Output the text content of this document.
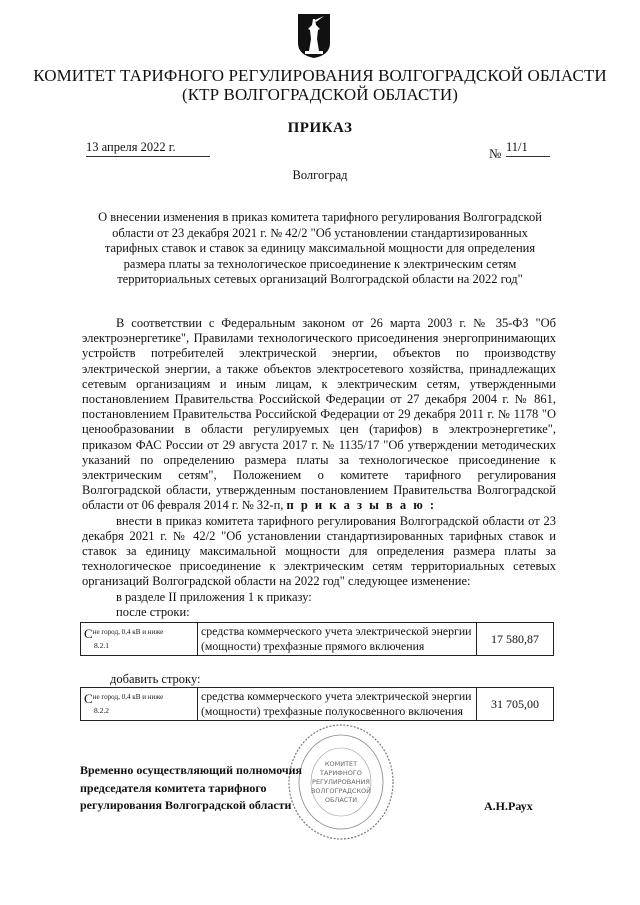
КОМИТЕТ ТАРИФНОГО РЕГУЛИРОВАНИЯ ВОЛГОГРАДСКОЙ ОБЛАСТИ
(КТР ВОЛГОГРАДСКОЙ ОБЛАСТИ)
ПРИКАЗ
13 апреля 2022 г.	№ 11/1
Волгоград
О внесении изменения в приказ комитета тарифного регулирования Волгоградской области от 23 декабря 2021 г. № 42/2 "Об установлении стандартизированных тарифных ставок и ставок за единицу максимальной мощности для определения размера платы за технологическое присоединение к электрическим сетям территориальных сетевых организаций Волгоградской области на 2022 год"

В соответствии с Федеральным законом от 26 марта 2003 г. № 35-ФЗ "Об электроэнергетике", Правилами технологического присоединения энергопринимающих устройств потребителей электрической энергии, объектов по производству электрической энергии, а также объектов электросетевого хозяйства, принадлежащих сетевым организациям и иным лицам, к электрическим сетям, утвержденными постановлением Правительства Российской Федерации от 27 декабря 2004 г. № 861, постановлением Правительства Российской Федерации от 29 декабря 2011 г. № 1178 "О ценообразовании в области регулируемых цен (тарифов) в электроэнергетике", приказом ФАС России от 29 августа 2017 г. № 1135/17 "Об утверждении методических указаний по определению размера платы за технологическое присоединение к электрическим сетям", Положением о комитете тарифного регулирования Волгоградской области, утвержденным постановлением Правительства Волгоградской области от 06 февраля 2014 г. № 32-п, п р и к а з ы в а ю :

внести в приказ комитета тарифного регулирования Волгоградской области от 23 декабря 2021 г. № 42/2 "Об установлении стандартизированных тарифных ставок и ставок за единицу максимальной мощности для определения размера платы за технологическое присоединение к электрическим сетям территориальных сетевых организаций Волгоградской области на 2022 год" следующее изменение:

в разделе II приложения 1 к приказу:

после строки:

$С^{не город, 0,4 кВ и ниже}$
8.2.1	средства коммерческого учета электрической энергии (мощности) трехфазные прямого включения	17 580,87
добавить строку:
$С^{не город, 0,4 кВ и ниже}$
8.2.2	средства коммерческого учета электрической энергии (мощности) трехфазные полукосвенного включения	31 705,00
КОМИТЕТ
ТАРИФНОГО
РЕГУЛИРОВАНИЯ
ВОЛГОГРАДСКОЙ
ОБЛАСТИ
Временно осуществляющий полномочия
председателя комитета тарифного
регулирования Волгоградской области	А.Н.Раух
